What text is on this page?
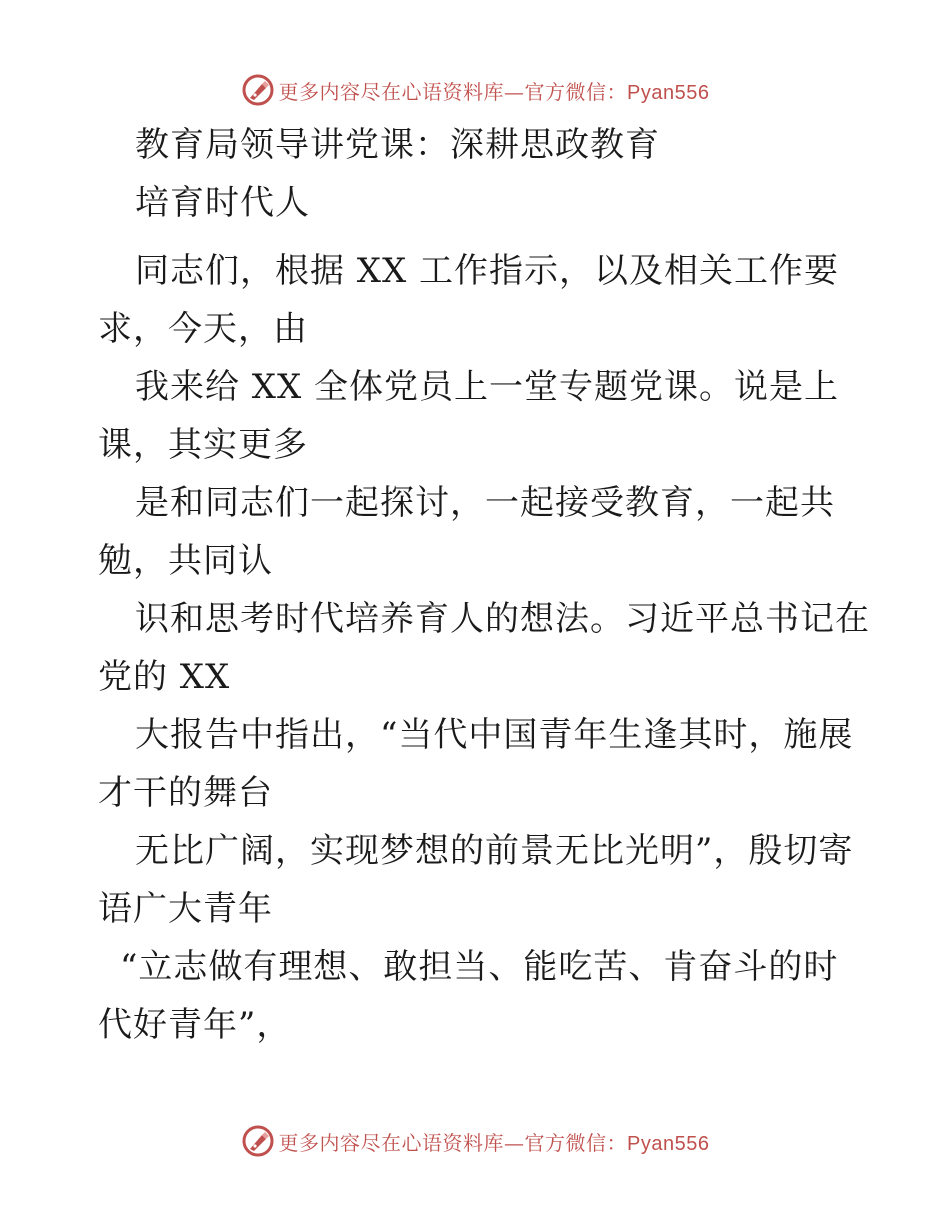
更多内容尽在心语资料库—官方微信：Pyan556

教育局领导讲党课：深耕思政教育

培育时代人

同志们，根据 XX 工作指示，以及相关工作要

求，今天，由

我来给 XX 全体党员上一堂专题党课。说是上

课，其实更多

是和同志们一起探讨，一起接受教育，一起共

勉，共同认

识和思考时代培养育人的想法。习近平总书记在

党的 XX

大报告中指出，“当代中国青年生逢其时，施展

才干的舞台

无比广阔，实现梦想的前景无比光明”，殷切寄

语广大青年

“立志做有理想、敢担当、能吃苦、肯奋斗的时

代好青年”，

更多内容尽在心语资料库—官方微信：Pyan556
